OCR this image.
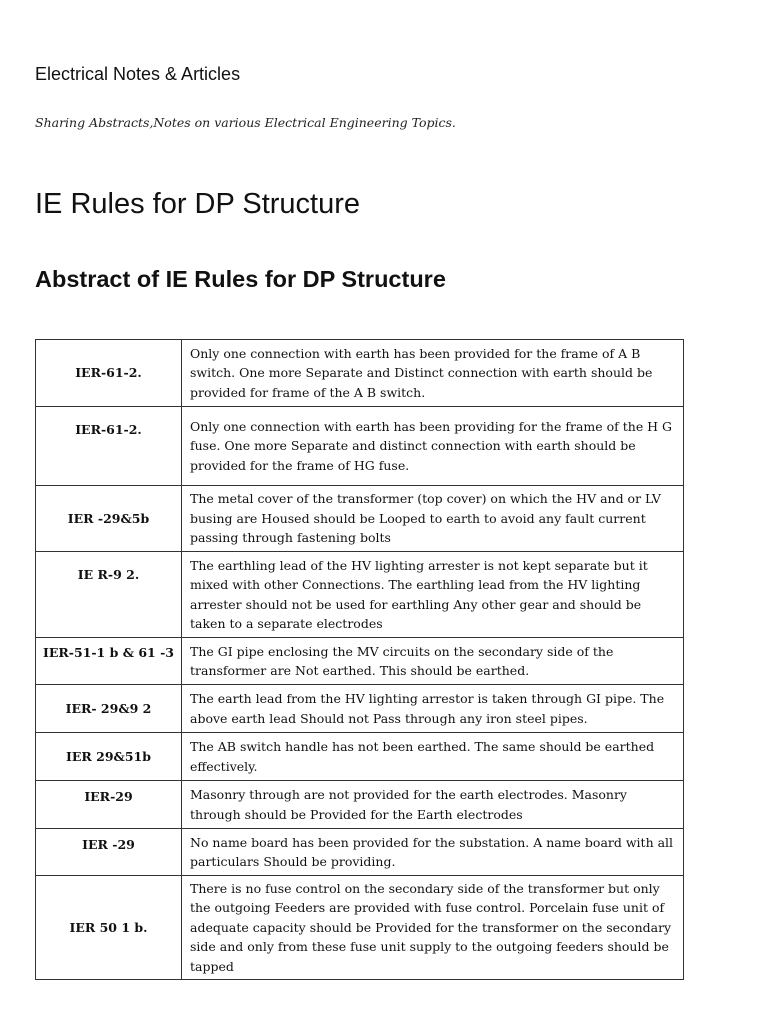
Electrical Notes & Articles

Sharing Abstracts,Notes on various Electrical Engineering Topics.

IE Rules for DP Structure
Abstract of IE Rules for DP Structure
IER-61-2.	Only one connection with earth has been provided for the frame of A B switch. One more Separate and Distinct connection with earth should be provided for frame of the A B switch.
IER-61-2.	Only one connection with earth has been providing for the frame of the H G fuse. One more Separate and distinct connection with earth should be provided for the frame of HG fuse.
IER -29&5b	The metal cover of the transformer (top cover) on which the HV and or LV busing are Housed should be Looped to earth to avoid any fault current passing through fastening bolts
IE R-9 2.	The earthling lead of the HV lighting arrester is not kept separate but it mixed with other Connections. The earthling lead from the HV lighting arrester should not be used for earthling Any other gear and should be taken to a separate electrodes
IER-51-1 b & 61 -3	The GI pipe enclosing the MV circuits on the secondary side of the transformer are Not earthed. This should be earthed.
IER- 29&9 2	The earth lead from the HV lighting arrestor is taken through GI pipe. The above earth lead Should not Pass through any iron steel pipes.
IER 29&51b	The AB switch handle has not been earthed. The same should be earthed effectively.
IER-29	Masonry through are not provided for the earth electrodes. Masonry through should be Provided for the Earth electrodes
IER -29	No name board has been provided for the substation. A name board with all particulars Should be providing.
IER 50 1 b.	There is no fuse control on the secondary side of the transformer but only the outgoing Feeders are provided with fuse control. Porcelain fuse unit of adequate capacity should be Provided for the transformer on the secondary side and only from these fuse unit supply to the outgoing feeders should be tapped
